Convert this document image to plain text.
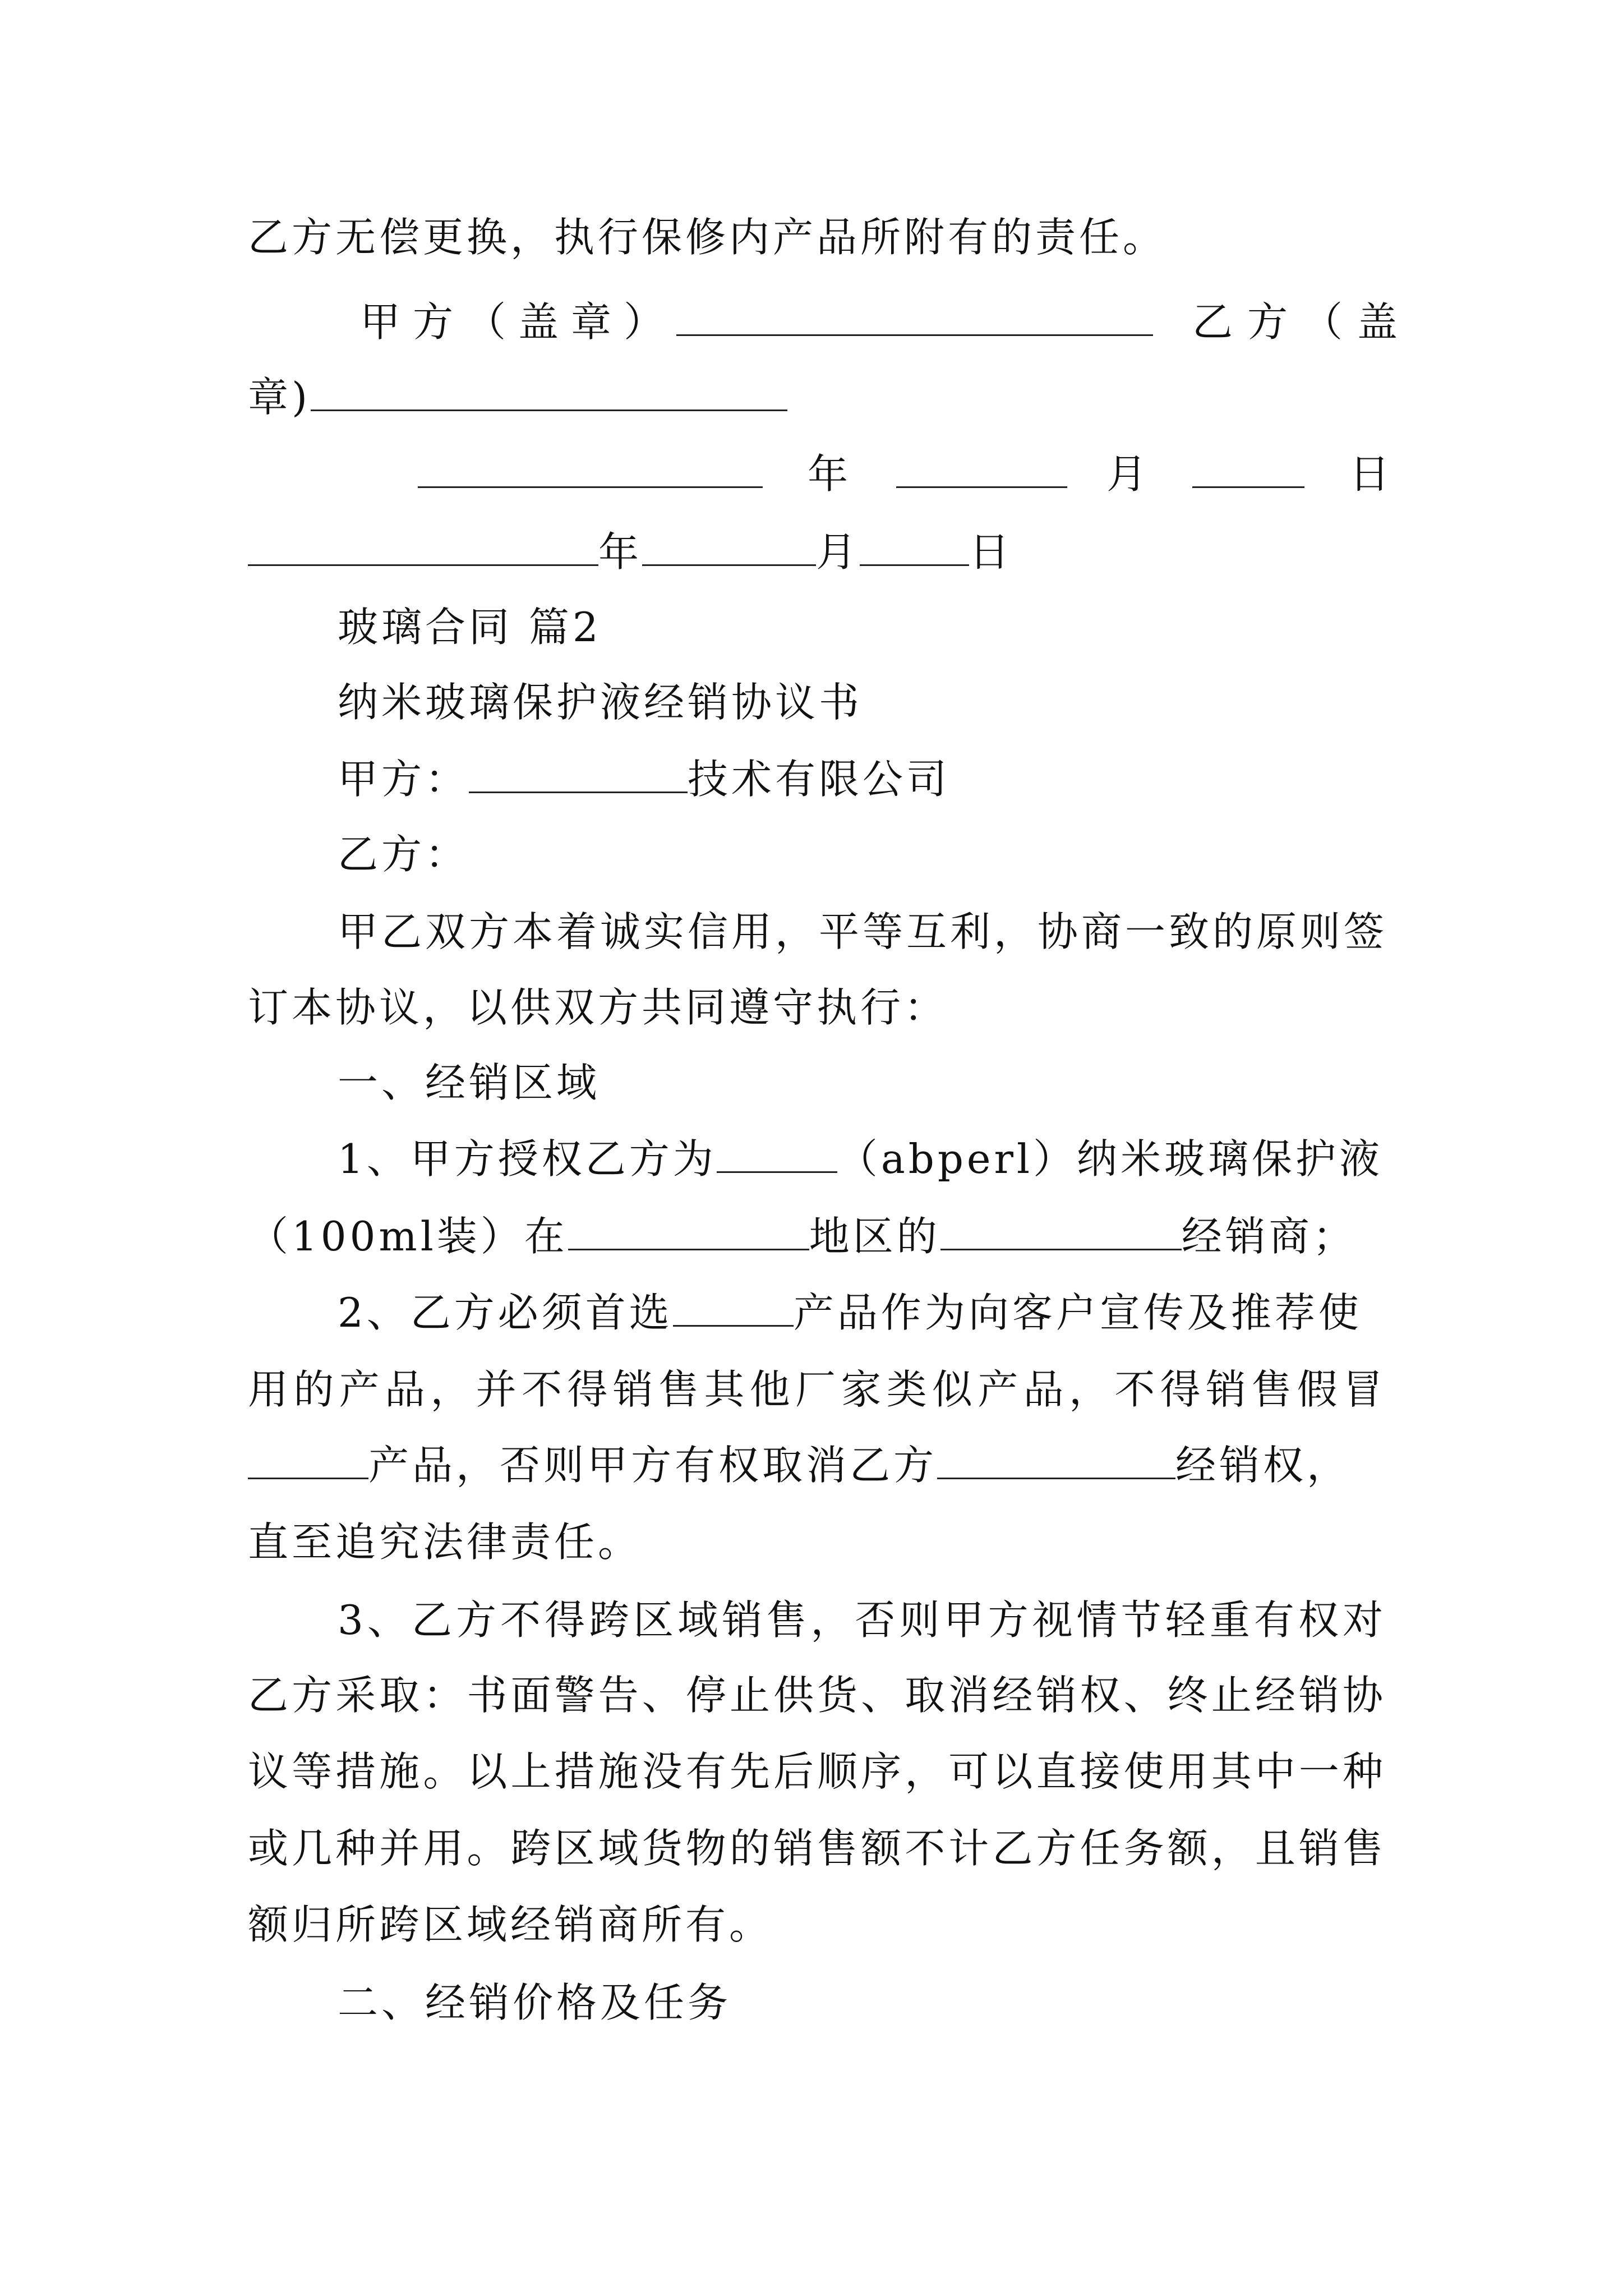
乙方无偿更换，执行保修内产品所附有的责任。
甲方（盖章）	乙方（盖
章)
年	月	日
年	月	日
玻璃合同 篇2
纳米玻璃保护液经销协议书
甲方：	技术有限公司
乙方：
甲乙双方本着诚实信用，平等互利，协商一致的原则签
订本协议，以供双方共同遵守执行：
一、经销区域
1、甲方授权乙方为	（abperl）纳米玻璃保护液
（100ml装）在	地区的	经销商；
2、乙方必须首选	产品作为向客户宣传及推荐使
用的产品，并不得销售其他厂家类似产品，不得销售假冒
产品，否则甲方有权取消乙方	经销权，
直至追究法律责任。
3、乙方不得跨区域销售，否则甲方视情节轻重有权对
乙方采取：书面警告、停止供货、取消经销权、终止经销协
议等措施。以上措施没有先后顺序，可以直接使用其中一种
或几种并用。跨区域货物的销售额不计乙方任务额，且销售
额归所跨区域经销商所有。
二、经销价格及任务
